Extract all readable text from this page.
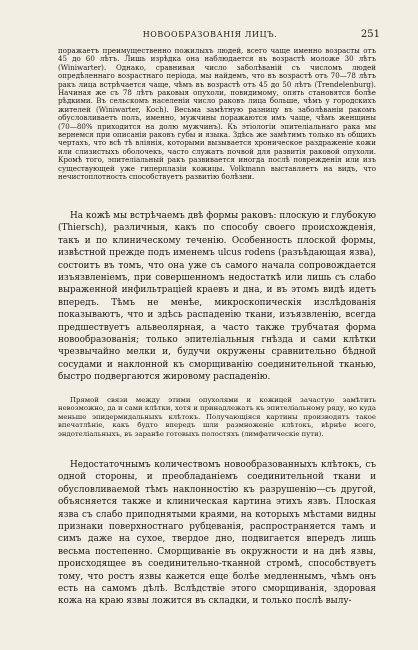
НОВООБРАЗОВАНІЯ ЛИЦЪ.	251
поражаетъ преимущественно пожилыхъ людей, всего чаще именно возрасты отъ 45 до 60 лѣтъ. Лишь изрѣдка она наблюдается въ возрастѣ моложе 30 лѣтъ (Winiwarter). Однако, сравнивая число заболѣваній съ числомъ людей опредѣленнаго возрастнаго періода, мы найдемъ, что въ возрастѣ отъ 70—78 лѣтъ ракъ лица встрѣчается чаще, чѣмъ въ возрастѣ отъ 45 до 50 лѣтъ (Trendelenburg). Начиная же съ 78 лѣтъ раковыя опухоли, повидимому, опять становятся болѣе рѣдкими. Въ сельскомъ населеніи число раковъ лица больше, чѣмъ у городскихъ жителей (Winiwarter, Koch). Весьма замѣтную разницу въ заболѣваніи ракомъ обусловливаетъ полъ, именно, мужчины поражаются имъ чаще, чѣмъ женщины (70—80% приходится на долю мужчинъ). Къ этіологіи эпителіальнаго рака мы вернемся при описаніи раковъ губы и языка. Здѣсь же замѣтимъ только въ общихъ чертахъ, что всѣ тѣ вліянія, которыми вызывается хроническое раздраженіе кожи или слизистыхъ оболочекъ, часто служатъ почвой для развитія раковой опухоли. Кромѣ того, эпителіальный ракъ развивается иногда послѣ поврежденія или изъ существующей уже гиперплазіи кожицы. Volkmann выставляетъ на видъ, что нечистоплотность способствуетъ развитію болѣзни.
На кожѣ мы встрѣчаемъ двѣ формы раковъ: плоскую и глубокую (Thiersch), различныя, какъ по способу своего происхожденія, такъ и по клиническому теченію. Особенность плоской формы, извѣстной прежде подъ именемъ ulcus rodens (разъѣдающая язва), состоитъ въ томъ, что она уже съ самого начала сопровождается изъязвленіемъ, при совершенномъ недостаткѣ или лишь съ слабо выраженной инфильтраціей краевъ и дна, и въ этомъ видѣ идетъ впередъ. Тѣмъ не менѣе, микроскопическія изслѣдованія показываютъ, что и здѣсь распаденію ткани, изъязвленію, всегда предшествуетъ альвеолярная, а часто также трубчатая форма новообразованія; только эпителіальныя гнѣзда и сами клѣтки чрезвычайно мелки и, будучи окружены сравнительно бѣдной сосудами и наклонной къ сморщиванію соединительной тканью, быстро подвергаются жировому распаденію.
Прямой связи между этими опухолями и кожицей зачастую замѣтить невозможно, да и сами клѣтки, хотя и принадлежатъ къ эпителіальному ряду, но куда меньше эпидермидальныхъ клѣтокъ. Получающіяся картины производятъ такое впечатлѣніе, какъ будто впередъ шли размноженіе клѣтокъ, вѣрнѣе всего, эндотеліальныхъ, въ заранѣе готовыхъ полостяхъ (лимфатическіе пути).
Недостаточнымъ количествомъ новообразованныхъ клѣтокъ, съ одной стороны, и преобладаніемъ соединительной ткани и обусловливаемой тѣмъ наклонностію къ разрушенію—съ другой, объясняется также и клиническая картина этихъ язвъ. Плоская язва съ слабо приподнятыми краями, на которыхъ мѣстами видны признаки поверхностнаго рубцеванія, распространяется тамъ и симъ даже на сухое, твердое дно, подвигается впередъ лишь весьма постепенно. Сморщиваніе въ окружности и на днѣ язвы, происходящее въ соединительно-тканной стромѣ, способствуетъ тому, что ростъ язвы кажется еще болѣе медленнымъ, чѣмъ онъ есть на самомъ дѣлѣ. Вслѣдствіе этого сморщиванія, здоровая кожа на краю язвы ложится въ складки, и только послѣ вылу-
